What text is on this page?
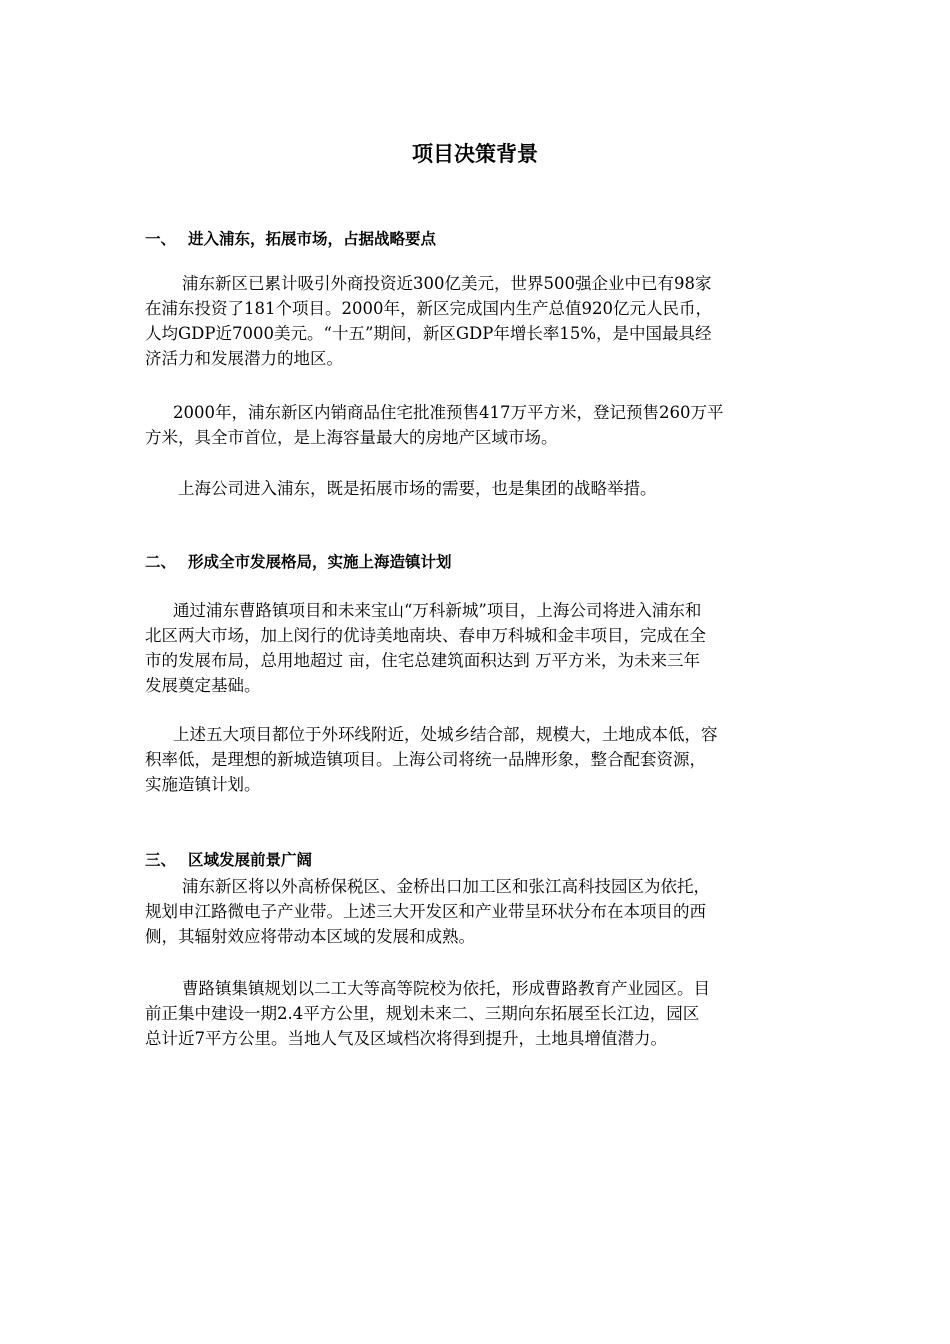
项目决策背景
一、 进入浦东，拓展市场，占据战略要点
浦东新区已累计吸引外商投资近300亿美元，世界500强企业中已有98家
在浦东投资了181个项目。2000年，新区完成国内生产总值920亿元人民币，
人均GDP近7000美元。“十五”期间，新区GDP年增长率15%，是中国最具经
济活力和发展潜力的地区。
2000年，浦东新区内销商品住宅批准预售417万平方米，登记预售260万平
方米，具全市首位，是上海容量最大的房地产区域市场。
上海公司进入浦东，既是拓展市场的需要，也是集团的战略举措。
二、 形成全市发展格局，实施上海造镇计划
通过浦东曹路镇项目和未来宝山“万科新城”项目，上海公司将进入浦东和
北区两大市场，加上闵行的优诗美地南块、春申万科城和金丰项目，完成在全
市的发展布局，总用地超过 亩，住宅总建筑面积达到 万平方米，为未来三年
发展奠定基础。
上述五大项目都位于外环线附近，处城乡结合部，规模大，土地成本低，容
积率低，是理想的新城造镇项目。上海公司将统一品牌形象，整合配套资源，
实施造镇计划。
三、 区域发展前景广阔
浦东新区将以外高桥保税区、金桥出口加工区和张江高科技园区为依托，
规划申江路微电子产业带。上述三大开发区和产业带呈环状分布在本项目的西
侧，其辐射效应将带动本区域的发展和成熟。
曹路镇集镇规划以二工大等高等院校为依托，形成曹路教育产业园区。目
前正集中建设一期2.4平方公里，规划未来二、三期向东拓展至长江边，园区
总计近7平方公里。当地人气及区域档次将得到提升，土地具增值潜力。
